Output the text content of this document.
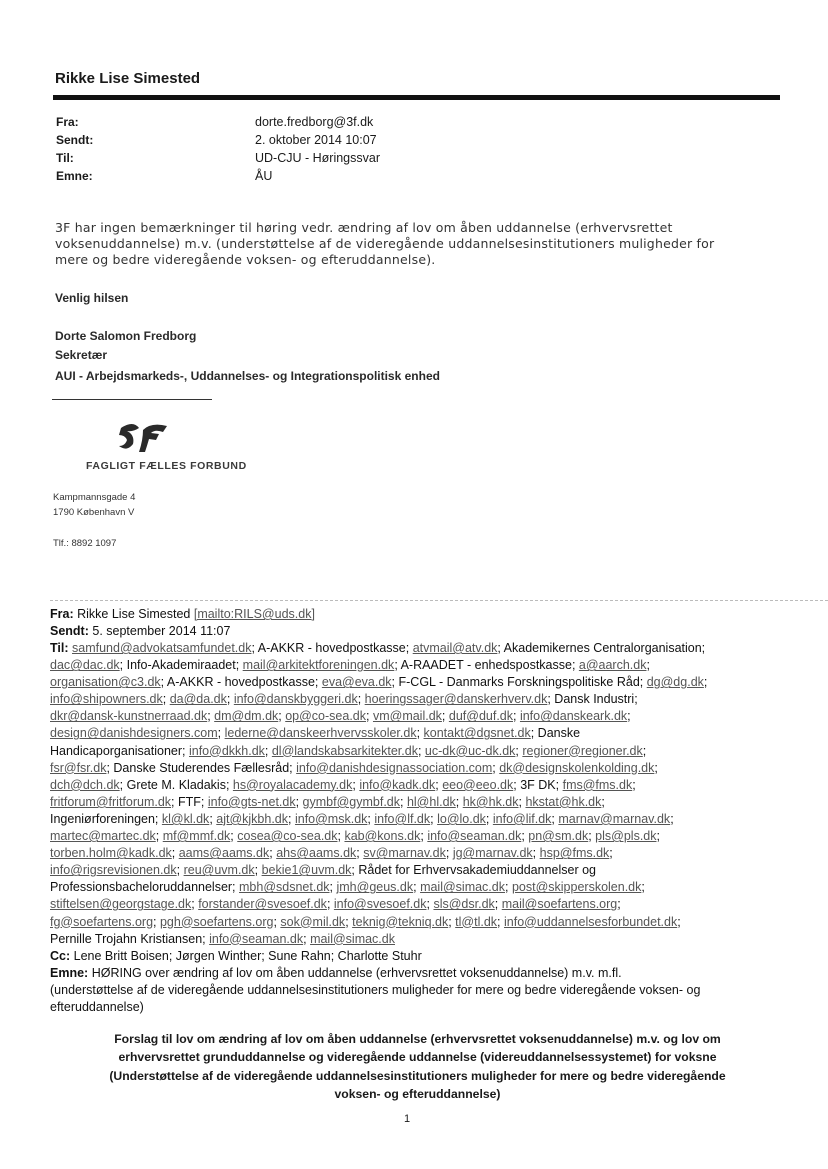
Rikke Lise Simested
Fra:	dorte.fredborg@3f.dk
Sendt:	2. oktober 2014 10:07
Til:	UD-CJU - Høringssvar
Emne:	ÅU
3F har ingen bemærkninger til høring vedr. ændring af lov om åben uddannelse (erhvervsrettet
voksenuddannelse) m.v. (understøttelse af de videregående uddannelsesinstitutioners muligheder for
mere og bedre videregående voksen- og efteruddannelse).
Venlig hilsen
Dorte Salomon Fredborg
Sekretær
AUI - Arbejdsmarkeds-, Uddannelses- og Integrationspolitisk enhed
FAGLIGT FÆLLES FORBUND
Kampmannsgade 4
1790 København V
Tlf.: 8892 1097
Fra: Rikke Lise Simested [mailto:RILS@uds.dk]
Sendt: 5. september 2014 11:07
Til: samfund@advokatsamfundet.dk; A-AKKR - hovedpostkasse; atvmail@atv.dk; Akademikernes Centralorganisation;
dac@dac.dk; Info-Akademiraadet; mail@arkitektforeningen.dk; A-RAADET - enhedspostkasse; a@aarch.dk;
organisation@c3.dk; A-AKKR - hovedpostkasse; eva@eva.dk; F-CGL - Danmarks Forskningspolitiske Råd; dg@dg.dk;
info@shipowners.dk; da@da.dk; info@danskbyggeri.dk; hoeringssager@danskerhverv.dk; Dansk Industri;
dkr@dansk-kunstnerraad.dk; dm@dm.dk; op@co-sea.dk; vm@mail.dk; duf@duf.dk; info@danskeark.dk;
design@danishdesigners.com; lederne@danskeerhvervsskoler.dk; kontakt@dgsnet.dk; Danske
Handicaporganisationer; info@dkkh.dk; dl@landskabsarkitekter.dk; uc-dk@uc-dk.dk; regioner@regioner.dk;
fsr@fsr.dk; Danske Studerendes Fællesråd; info@danishdesignassociation.com; dk@designskolenkolding.dk;
dch@dch.dk; Grete M. Kladakis; hs@royalacademy.dk; info@kadk.dk; eeo@eeo.dk; 3F DK; fms@fms.dk;
fritforum@fritforum.dk; FTF; info@gts-net.dk; gymbf@gymbf.dk; hl@hl.dk; hk@hk.dk; hkstat@hk.dk;
Ingeniørforeningen; kl@kl.dk; ajt@kjkbh.dk; info@msk.dk; info@lf.dk; lo@lo.dk; info@lif.dk; marnav@marnav.dk;
martec@martec.dk; mf@mmf.dk; cosea@co-sea.dk; kab@kons.dk; info@seaman.dk; pn@sm.dk; pls@pls.dk;
torben.holm@kadk.dk; aams@aams.dk; ahs@aams.dk; sv@marnav.dk; jg@marnav.dk; hsp@fms.dk;
info@rigsrevisionen.dk; reu@uvm.dk; bekie1@uvm.dk; Rådet for Erhvervsakademiuddannelser og
Professionsbacheloruddannelser; mbh@sdsnet.dk; jmh@geus.dk; mail@simac.dk; post@skipperskolen.dk;
stiftelsen@georgstage.dk; forstander@svesoef.dk; info@svesoef.dk; sls@dsr.dk; mail@soefartens.org;
fg@soefartens.org; pgh@soefartens.org; sok@mil.dk; teknig@tekniq.dk; tl@tl.dk; info@uddannelsesforbundet.dk;
Pernille Trojahn Kristiansen; info@seaman.dk; mail@simac.dk
Cc: Lene Britt Boisen; Jørgen Winther; Sune Rahn; Charlotte Stuhr
Emne: HØRING over ændring af lov om åben uddannelse (erhvervsrettet voksenuddannelse) m.v. m.fl.
(understøttelse af de videregående uddannelsesinstitutioners muligheder for mere og bedre videregående voksen- og
efteruddannelse)
Forslag til lov om ændring af lov om åben uddannelse (erhvervsrettet voksenuddannelse) m.v. og lov om
erhvervsrettet grunduddannelse og videregående uddannelse (videreuddannelsessystemet) for voksne
(Understøttelse af de videregående uddannelsesinstitutioners muligheder for mere og bedre videregående
voksen- og efteruddannelse)
1
